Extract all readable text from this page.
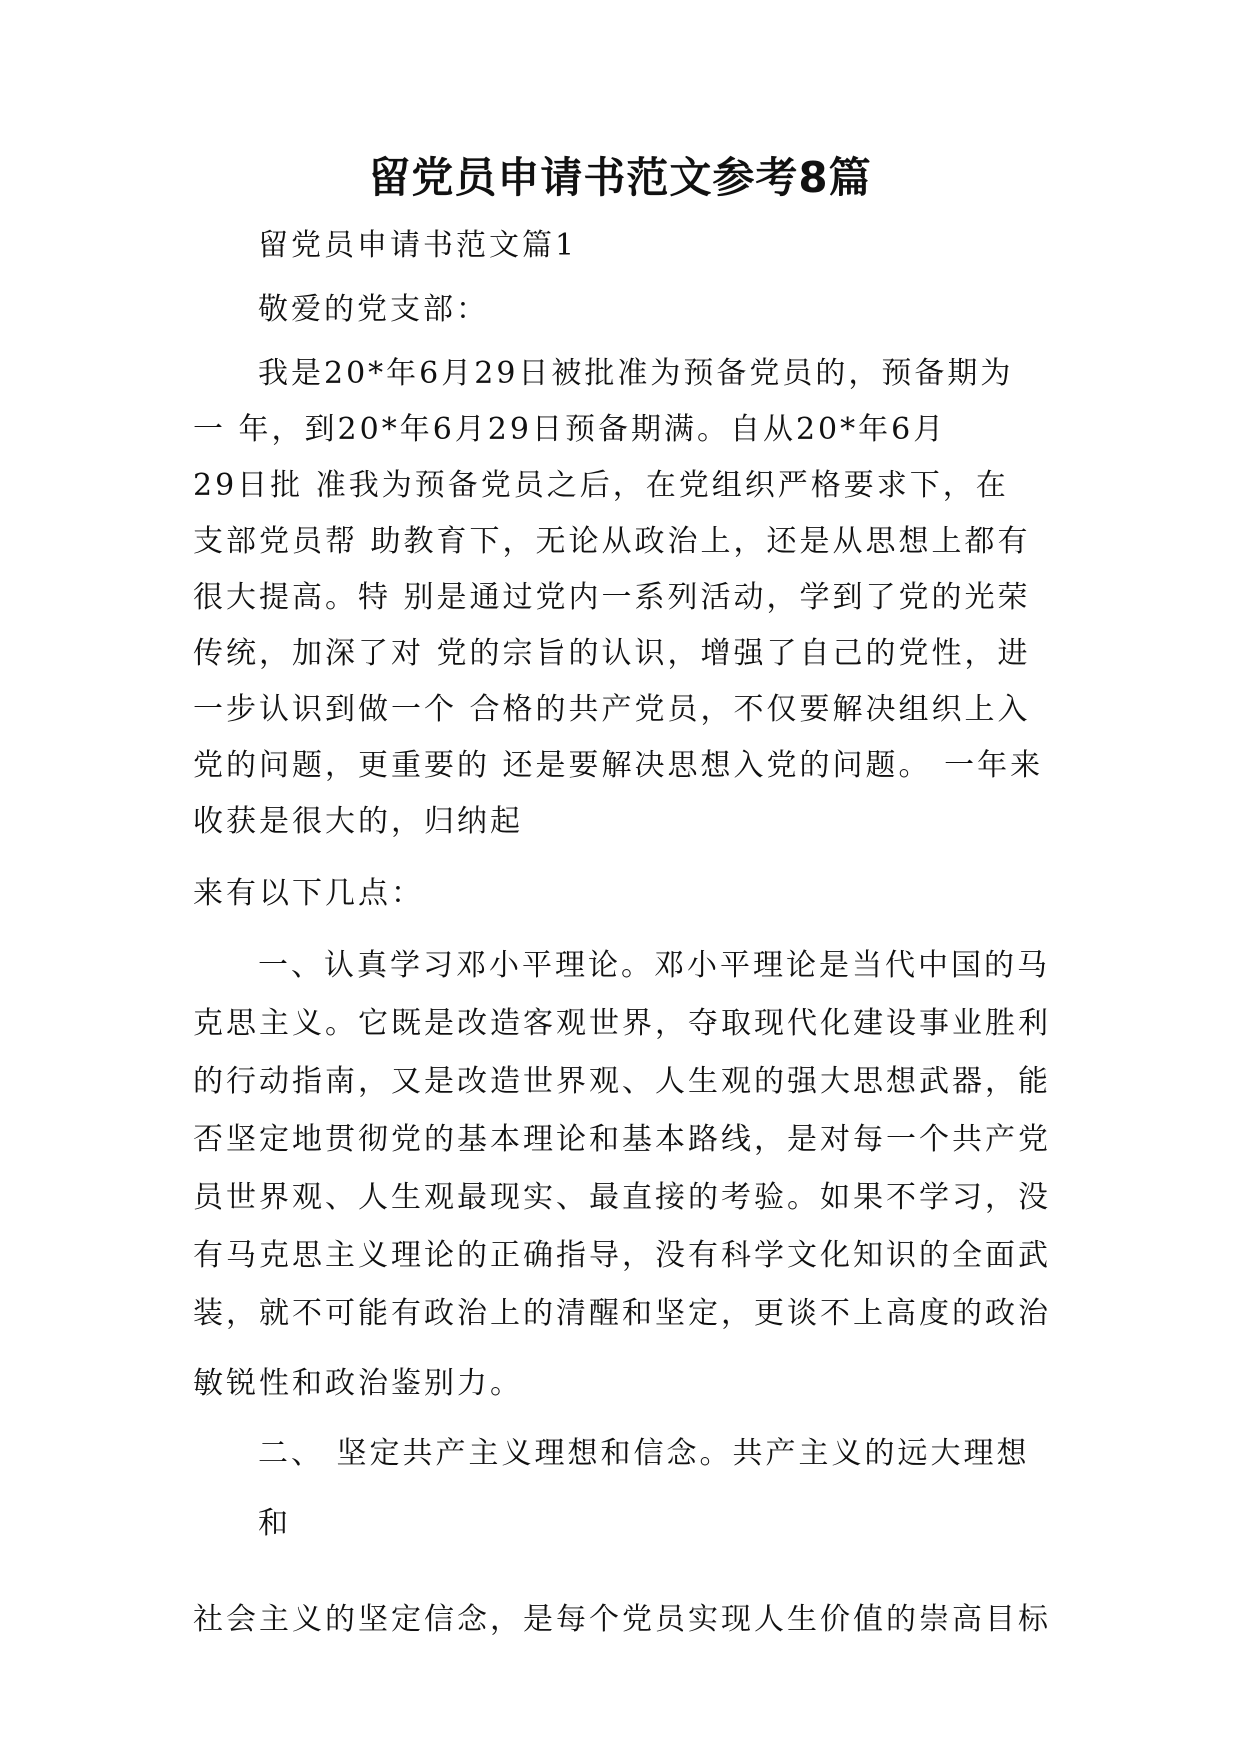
留党员申请书范文参考8篇

留党员申请书范文篇1

敬爱的党支部：

我是20*年6月29日被批准为预备党员的，预备期为

一 年，到20*年6月29日预备期满。自从20*年6月

29日批 准我为预备党员之后，在党组织严格要求下，在

支部党员帮 助教育下，无论从政治上，还是从思想上都有

很大提高。特 别是通过党内一系列活动，学到了党的光荣

传统，加深了对 党的宗旨的认识，增强了自己的党性，进

一步认识到做一个 合格的共产党员，不仅要解决组织上入

党的问题，更重要的 还是要解决思想入党的问题。 一年来

收获是很大的，归纳起

来有以下几点：

一、认真学习邓小平理论。邓小平理论是当代中国的马

克思主义。它既是改造客观世界，夺取现代化建设事业胜利

的行动指南，又是改造世界观、人生观的强大思想武器，能

否坚定地贯彻党的基本理论和基本路线，是对每一个共产党

员世界观、人生观最现实、最直接的考验。如果不学习，没

有马克思主义理论的正确指导，没有科学文化知识的全面武

装，就不可能有政治上的清醒和坚定，更谈不上高度的政治

敏锐性和政治鉴别力。

二、 坚定共产主义理想和信念。共产主义的远大理想

和

社会主义的坚定信念，是每个党员实现人生价值的崇高目标
